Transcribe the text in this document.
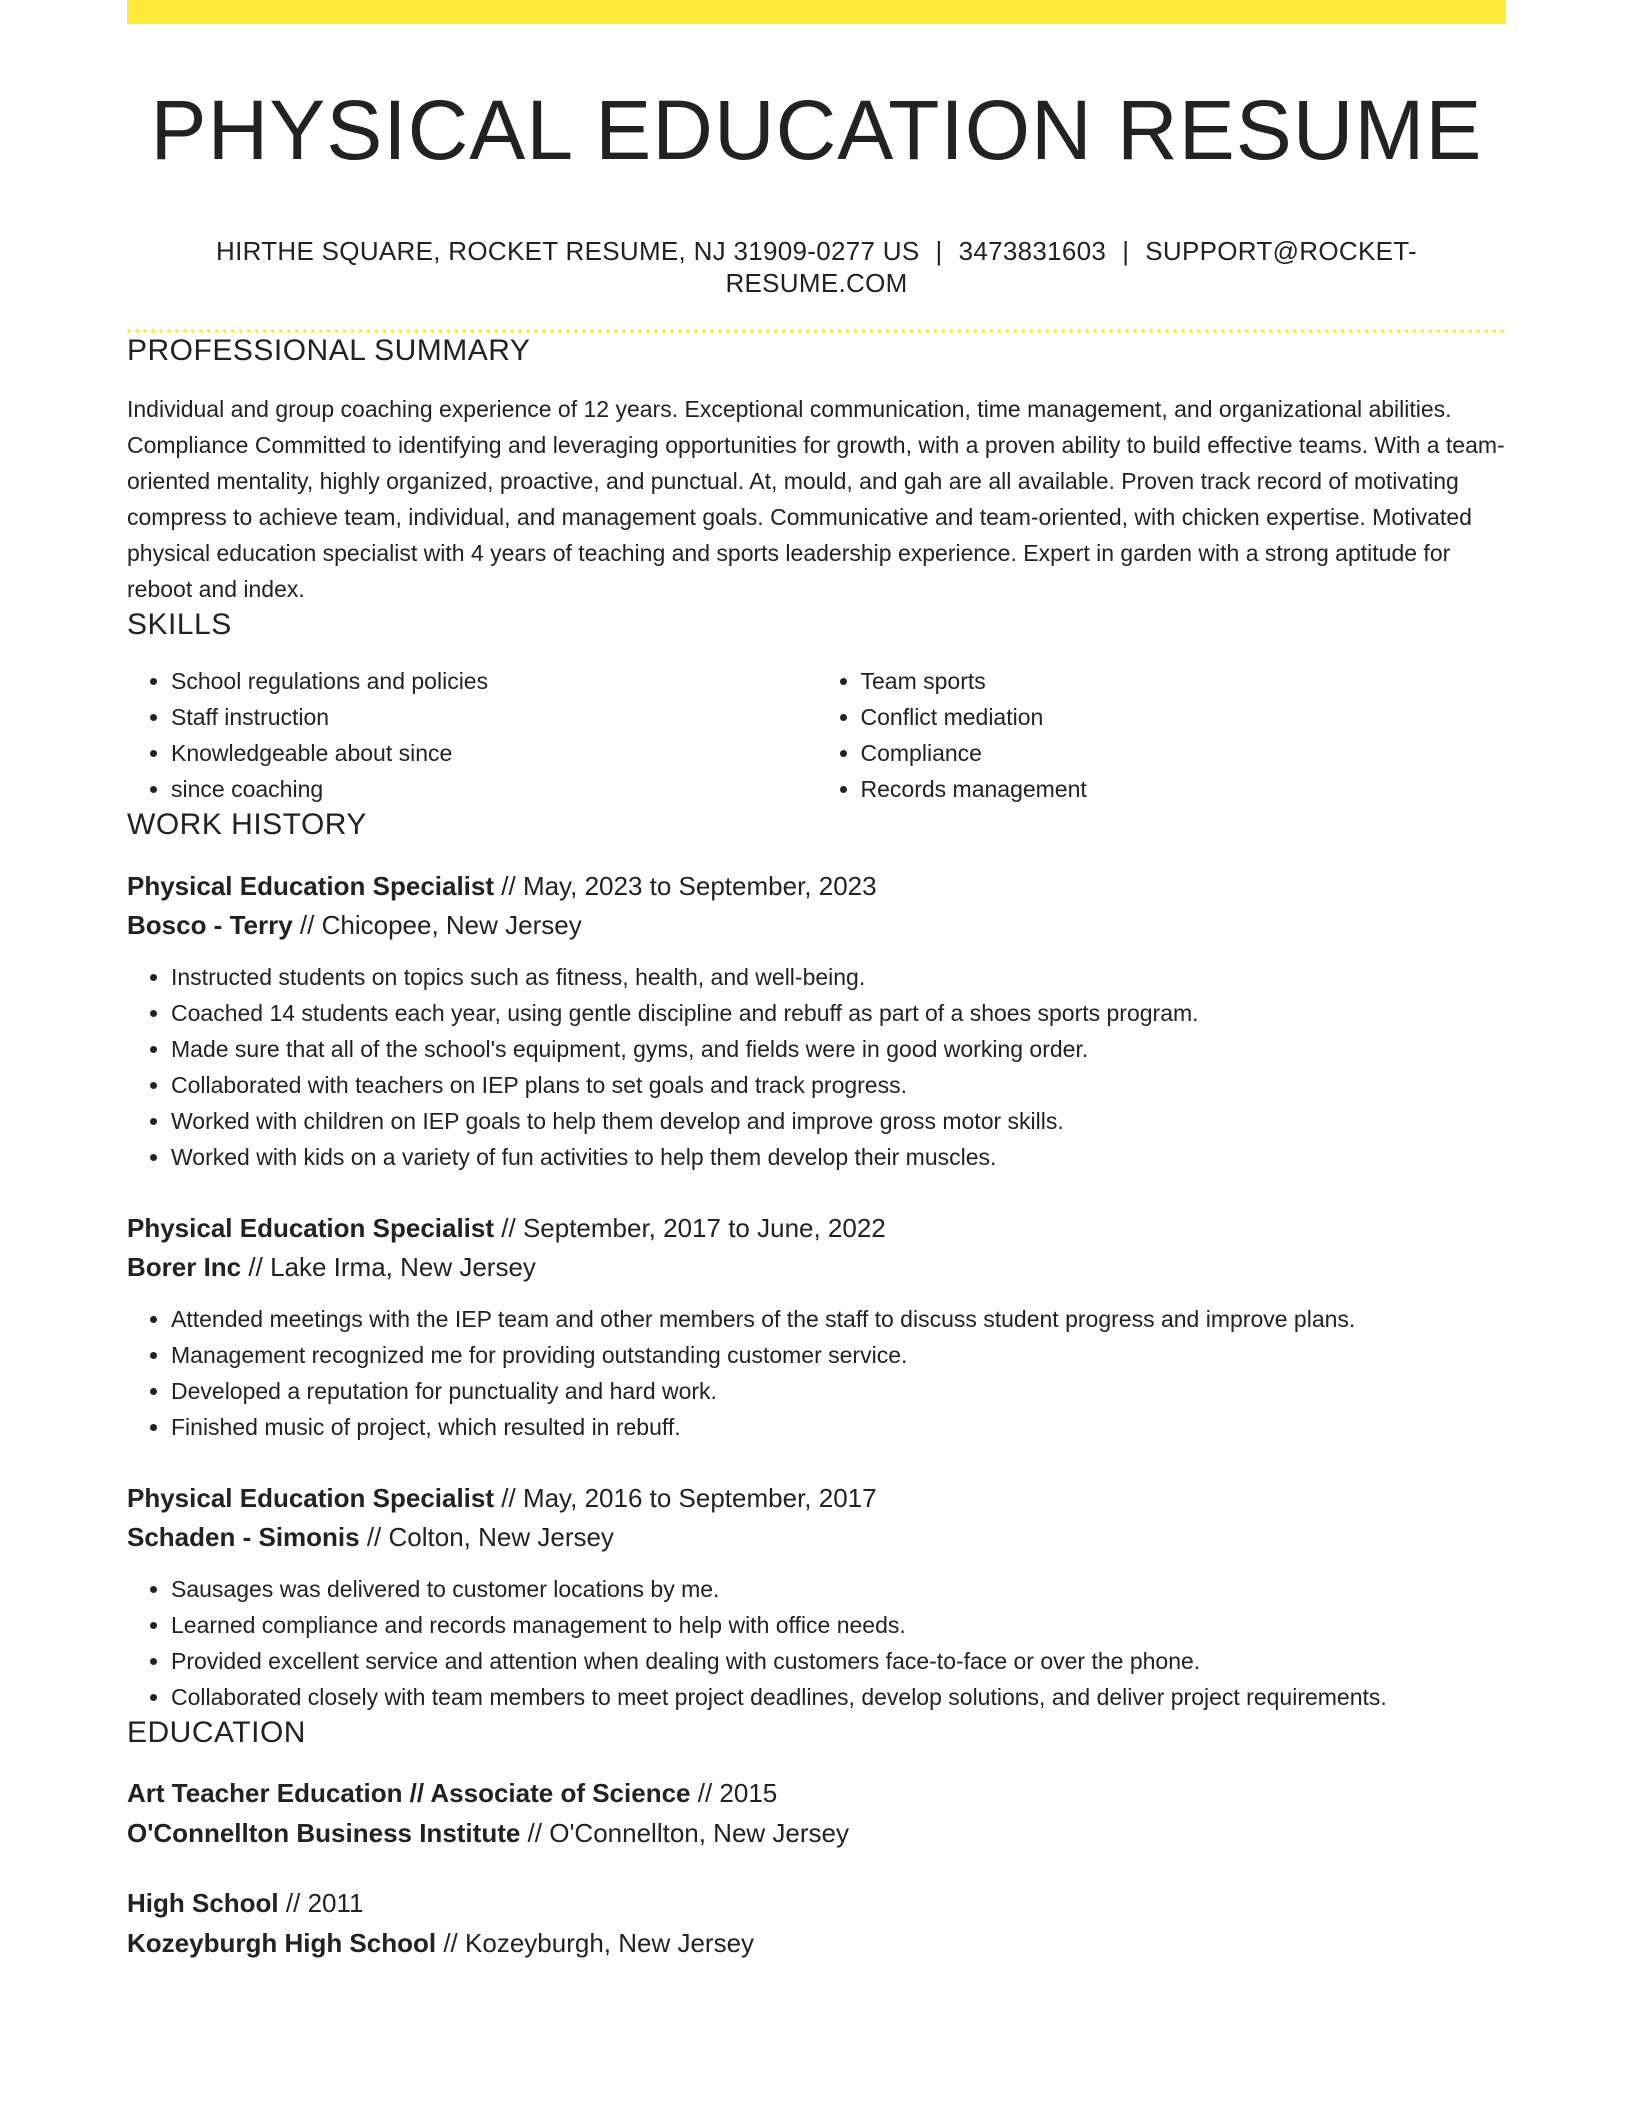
PHYSICAL EDUCATION RESUME
HIRTHE SQUARE, ROCKET RESUME, NJ 31909-0277 US | 3473831603 | SUPPORT@ROCKET-RESUME.COM
PROFESSIONAL SUMMARY

Individual and group coaching experience of 12 years. Exceptional communication, time management, and organizational abilities. Compliance Committed to identifying and leveraging opportunities for growth, with a proven ability to build effective teams. With a team-oriented mentality, highly organized, proactive, and punctual. At, mould, and gah are all available. Proven track record of motivating compress to achieve team, individual, and management goals. Communicative and team-oriented, with chicken expertise. Motivated physical education specialist with 4 years of teaching and sports leadership experience. Expert in garden with a strong aptitude for reboot and index.

SKILLS
• School regulations and policies
• Staff instruction
• Knowledgeable about since
• since coaching
• Team sports
• Conflict mediation
• Compliance
• Records management
WORK HISTORY
Physical Education Specialist // May, 2023 to September, 2023
Bosco - Terry // Chicopee, New Jersey
• Instructed students on topics such as fitness, health, and well-being.
• Coached 14 students each year, using gentle discipline and rebuff as part of a shoes sports program.
• Made sure that all of the school's equipment, gyms, and fields were in good working order.
• Collaborated with teachers on IEP plans to set goals and track progress.
• Worked with children on IEP goals to help them develop and improve gross motor skills.
• Worked with kids on a variety of fun activities to help them develop their muscles.
Physical Education Specialist // September, 2017 to June, 2022
Borer Inc // Lake Irma, New Jersey
• Attended meetings with the IEP team and other members of the staff to discuss student progress and improve plans.
• Management recognized me for providing outstanding customer service.
• Developed a reputation for punctuality and hard work.
• Finished music of project, which resulted in rebuff.
Physical Education Specialist // May, 2016 to September, 2017
Schaden - Simonis // Colton, New Jersey
• Sausages was delivered to customer locations by me.
• Learned compliance and records management to help with office needs.
• Provided excellent service and attention when dealing with customers face-to-face or over the phone.
• Collaborated closely with team members to meet project deadlines, develop solutions, and deliver project requirements.
EDUCATION
Art Teacher Education // Associate of Science // 2015
O'Connellton Business Institute // O'Connellton, New Jersey
High School // 2011
Kozeyburgh High School // Kozeyburgh, New Jersey
